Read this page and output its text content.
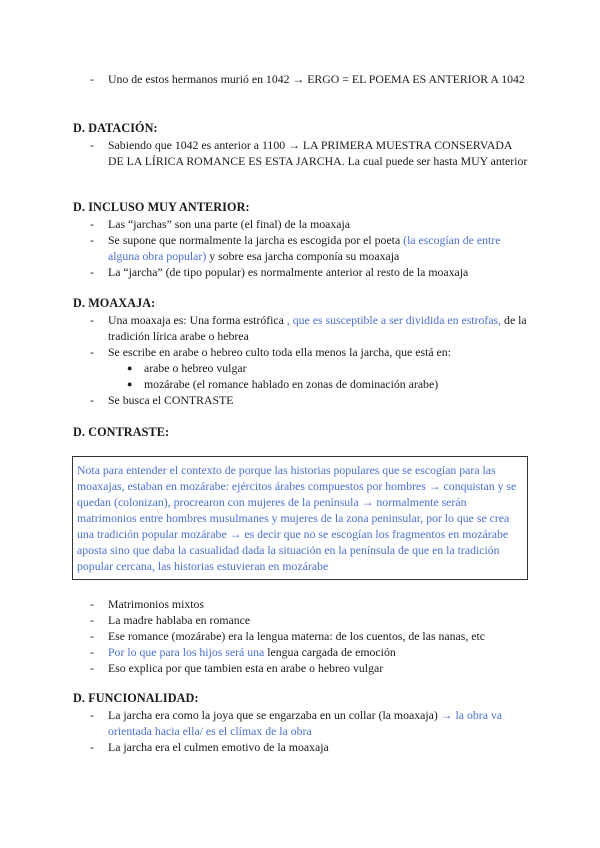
- Uno de estos hermanos murió en 1042 → ERGO = EL POEMA ES ANTERIOR A 1042
D. DATACIÓN:
- Sabiendo que 1042 es anterior a 1100 → LA PRIMERA MUESTRA CONSERVADA DE LA LÍRICA ROMANCE ES ESTA JARCHA. La cual puede ser hasta MUY anterior
D. INCLUSO MUY ANTERIOR:
- Las “jarchas” son una parte (el final) de la moaxaja
- Se supone que normalmente la jarcha es escogida por el poeta (la escogían de entre alguna obra popular) y sobre esa jarcha componía su moaxaja
- La “jarcha” (de tipo popular) es normalmente anterior al resto de la moaxaja
D. MOAXAJA:
- Una moaxaja es: Una forma estrófica , que es susceptible a ser dividida en estrofas, de la tradición lírica arabe o hebrea
- Se escribe en arabe o hebreo culto toda ella menos la jarcha, que está en:
● arabe o hebreo vulgar
● mozárabe (el romance hablado en zonas de dominación arabe)
- Se busca el CONTRASTE
D. CONTRASTE:
Nota para entender el contexto de porque las historias populares que se escogían para las moaxajas, estaban en mozárabe: ejércitos árabes compuestos por hombres → conquistan y se quedan (colonizan), procrearon con mujeres de la península → normalmente serán matrimonios entre hombres musulmanes y mujeres de la zona peninsular, por lo que se crea una tradición popular mozárabe → es decir que no se escogían los fragmentos en mozárabe aposta sino que daba la casualidad dada la situación en la península de que en la tradición popular cercana, las historias estuvieran en mozárabe
- Matrimonios mixtos
- La madre hablaba en romance
- Ese romance (mozárabe) era la lengua materna: de los cuentos, de las nanas, etc
- Por lo que para los hijos será una lengua cargada de emoción
- Eso explica por que tambien esta en arabe o hebreo vulgar
D. FUNCIONALIDAD:
- La jarcha era como la joya que se engarzaba en un collar (la moaxaja) → la obra va orientada hacia ella/ es el clímax de la obra
- La jarcha era el culmen emotivo de la moaxaja
